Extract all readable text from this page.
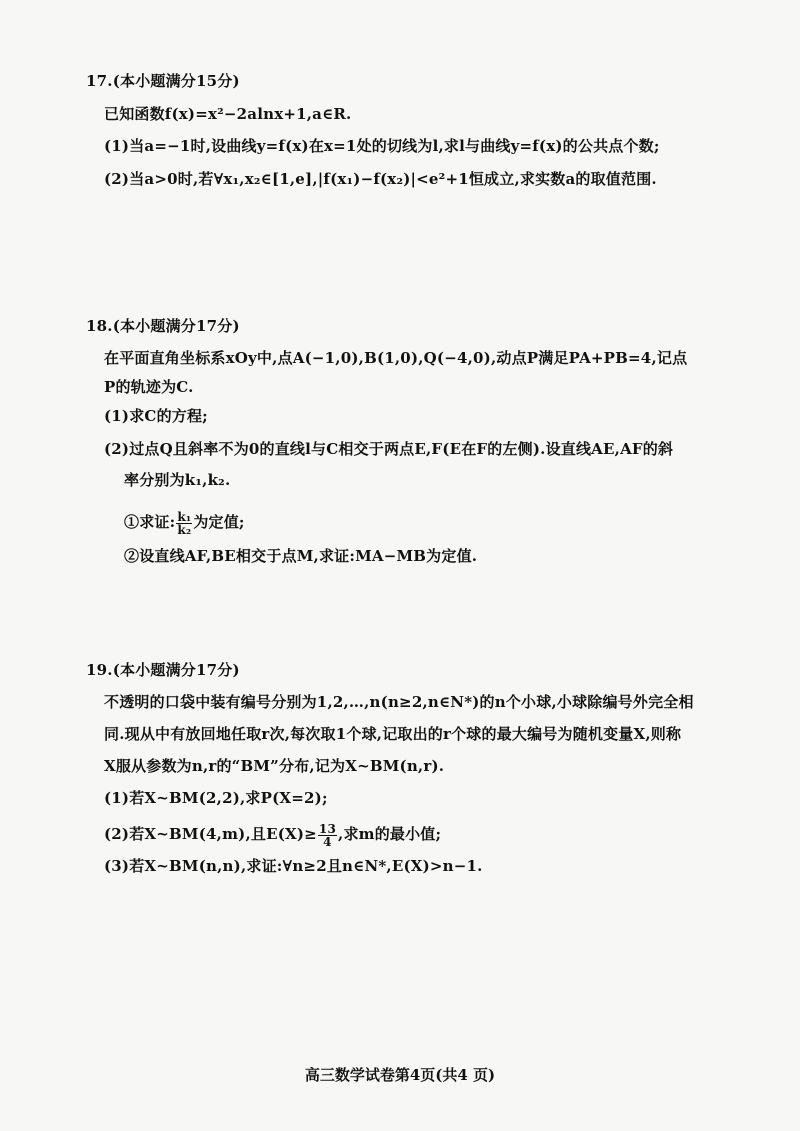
17.(本小题满分15分)
已知函数f(x)=x²−2alnx+1,a∈R.
(1)当a=−1时,设曲线y=f(x)在x=1处的切线为l,求l与曲线y=f(x)的公共点个数;
(2)当a>0时,若∀x₁,x₂∈[1,e],|f(x₁)−f(x₂)|<e²+1恒成立,求实数a的取值范围.
18.(本小题满分17分)
在平面直角坐标系xOy中,点A(−1,0),B(1,0),Q(−4,0),动点P满足PA+PB=4,记点
P的轨迹为C.
(1)求C的方程;
(2)过点Q且斜率不为0的直线l与C相交于两点E,F(E在F的左侧).设直线AE,AF的斜
率分别为k₁,k₂.
①求证: $\frac{\text{k₁}}{\text{k₂}}$ 为定值;
②设直线AF,BE相交于点M,求证:MA−MB为定值.
19.(本小题满分17分)
不透明的口袋中装有编号分别为1,2,…,n(n≥2,n∈N*)的n个小球,小球除编号外完全相
同.现从中有放回地任取r次,每次取1个球,记取出的r个球的最大编号为随机变量X,则称
X服从参数为n,r的“BM”分布,记为X~BM(n,r).
(1)若X~BM(2,2),求P(X=2);
(2)若X~BM(4,m),且$E(X)\ge \frac{13}{4}$ ,求m的最小值;
(3)若X~BM(n,n),求证:∀n≥2且n∈N*,E(X)>n−1.
高三数学试卷第4页(共4 页)
